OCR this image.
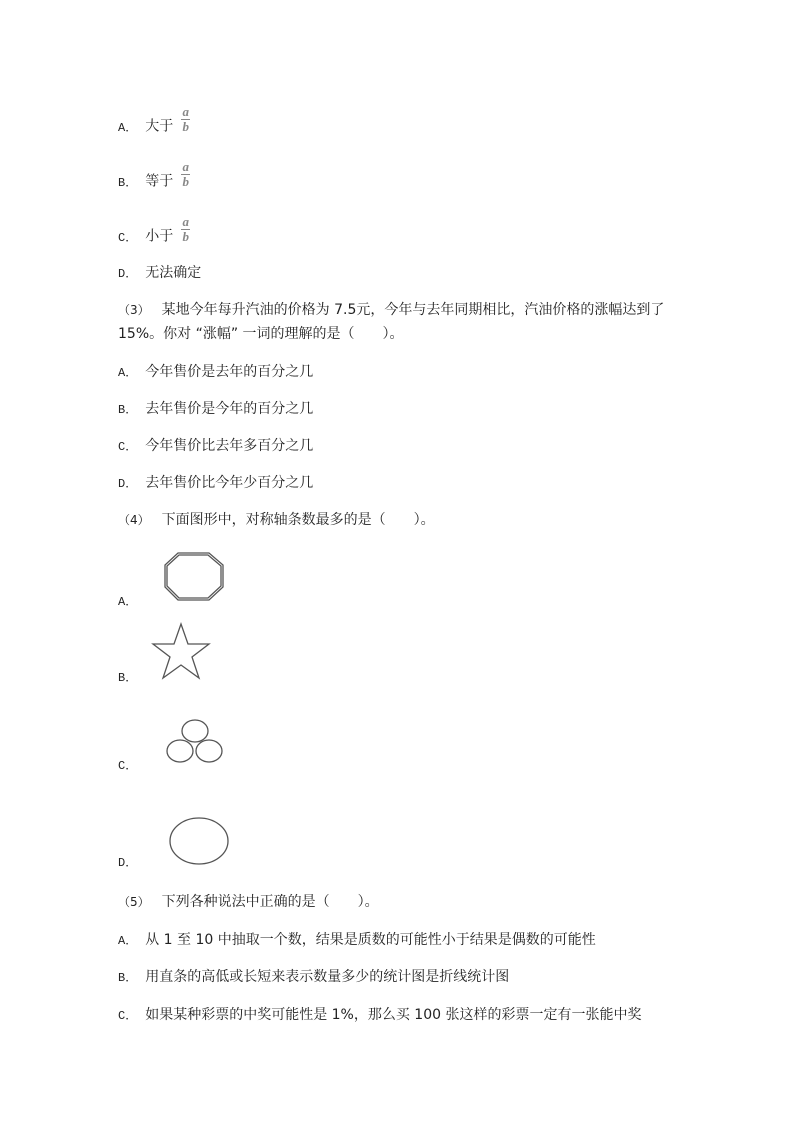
A． 大于 $\frac{a}{b}$
B． 等于 $\frac{a}{b}$
C． 小于 $\frac{a}{b}$
D． 无法确定
（3） 某地今年每升汽油的价格为 7.5元，今年与去年同期相比，汽油价格的涨幅达到了
15%。你对 “涨幅” 一词的理解的是（　　）。
A． 今年售价是去年的百分之几
B． 去年售价是今年的百分之几
C． 今年售价比去年多百分之几
D． 去年售价比今年少百分之几
（4） 下面图形中，对称轴条数最多的是（　　）。
A．
B．
C．
D．
（5） 下列各种说法中正确的是（　　）。
A． 从 1 至 10 中抽取一个数，结果是质数的可能性小于结果是偶数的可能性
B． 用直条的高低或长短来表示数量多少的统计图是折线统计图
C． 如果某种彩票的中奖可能性是 1%，那么买 100 张这样的彩票一定有一张能中奖
